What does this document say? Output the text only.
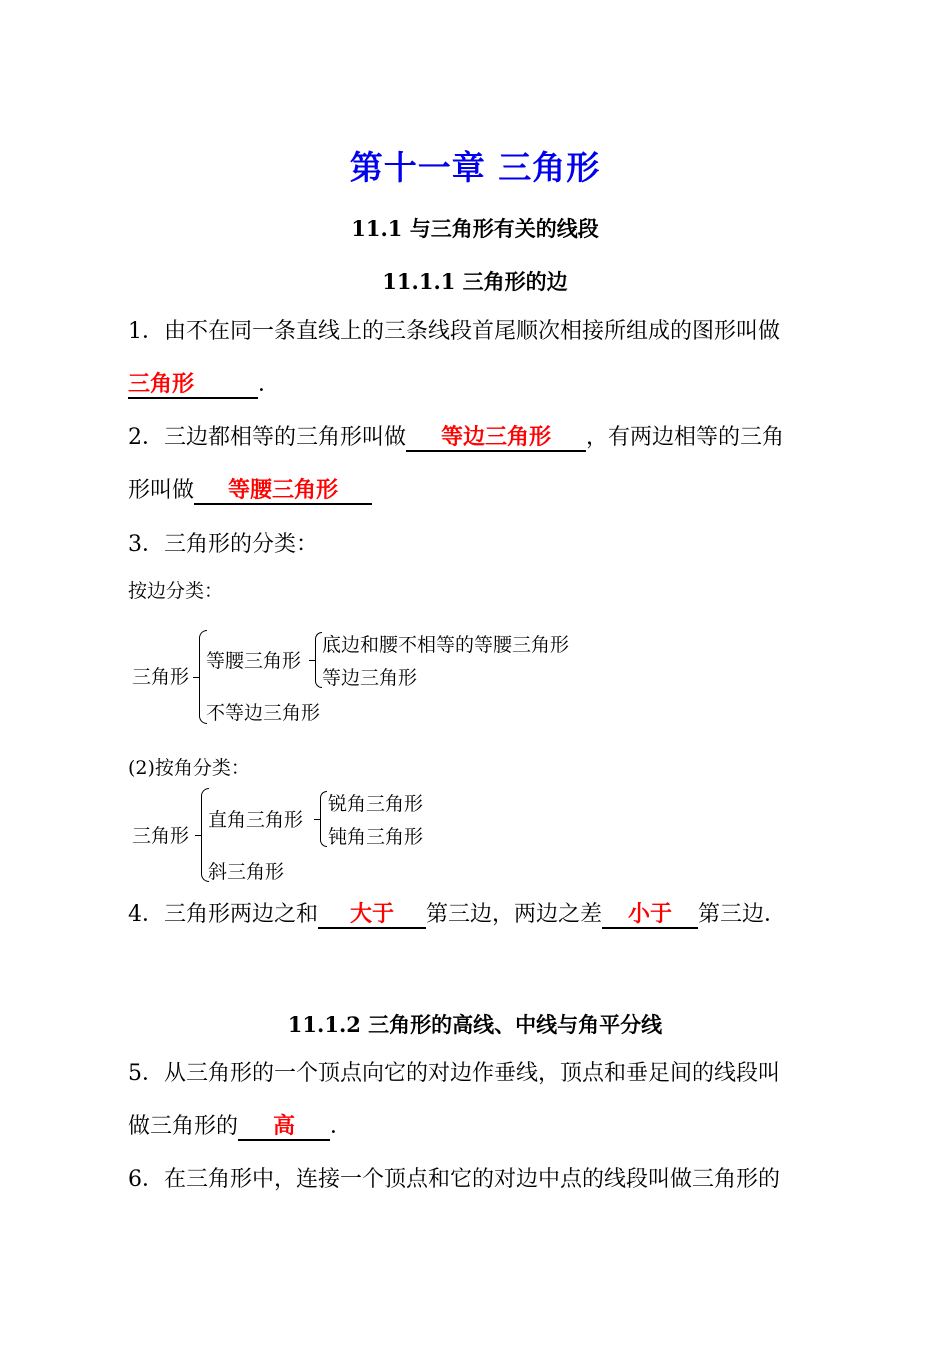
第十一章 三角形
11.1 与三角形有关的线段
11.1.1 三角形的边
1．由不在同一条直线上的三条线段首尾顺次相接所组成的图形叫做
三角形	．
2．三边都相等的三角形叫做 等边三角形 ，有两边相等的三角
形叫做 等腰三角形
3．三角形的分类：
按边分类：
三角形
等腰三角形
底边和腰不相等的等腰三角形
等边三角形
不等边三角形
(2)按角分类：
三角形
直角三角形
锐角三角形
钝角三角形
斜三角形
4．三角形两边之和 大于 第三边，两边之差 小于 第三边．
11.1.2 三角形的高线、中线与角平分线
5．从三角形的一个顶点向它的对边作垂线，顶点和垂足间的线段叫
做三角形的 高 ．
6．在三角形中，连接一个顶点和它的对边中点的线段叫做三角形的
